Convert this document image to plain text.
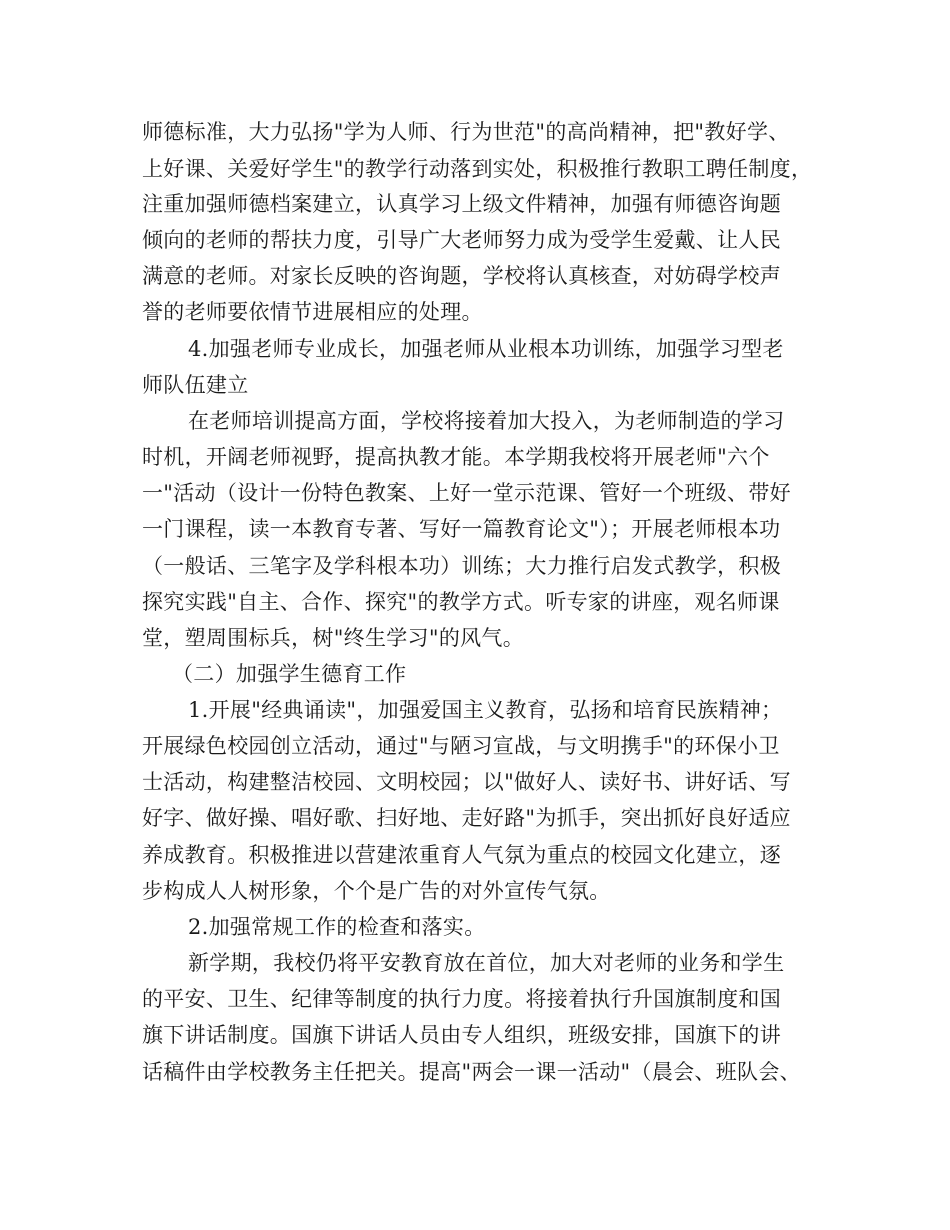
师德标准，大力弘扬"学为人师、行为世范"的高尚精神，把"教好学、
上好课、关爱好学生"的教学行动落到实处，积极推行教职工聘任制度，
注重加强师德档案建立，认真学习上级文件精神，加强有师德咨询题
倾向的老师的帮扶力度，引导广大老师努力成为受学生爱戴、让人民
满意的老师。对家长反映的咨询题，学校将认真核查，对妨碍学校声
誉的老师要依情节进展相应的处理。
4.加强老师专业成长，加强老师从业根本功训练，加强学习型老
师队伍建立
在老师培训提高方面，学校将接着加大投入，为老师制造的学习
时机，开阔老师视野，提高执教才能。本学期我校将开展老师"六个
一"活动（设计一份特色教案、上好一堂示范课、管好一个班级、带好
一门课程，读一本教育专著、写好一篇教育论文"）；开展老师根本功
（一般话、三笔字及学科根本功）训练；大力推行启发式教学，积极
探究实践"自主、合作、探究"的教学方式。听专家的讲座，观名师课
堂，塑周围标兵，树"终生学习"的风气。
（二）加强学生德育工作
1.开展"经典诵读"，加强爱国主义教育，弘扬和培育民族精神；
开展绿色校园创立活动，通过"与陋习宣战，与文明携手"的环保小卫
士活动，构建整洁校园、文明校园；以"做好人、读好书、讲好话、写
好字、做好操、唱好歌、扫好地、走好路"为抓手，突出抓好良好适应
养成教育。积极推进以营建浓重育人气氛为重点的校园文化建立，逐
步构成人人树形象，个个是广告的对外宣传气氛。
2.加强常规工作的检查和落实。
新学期，我校仍将平安教育放在首位，加大对老师的业务和学生
的平安、卫生、纪律等制度的执行力度。将接着执行升国旗制度和国
旗下讲话制度。国旗下讲话人员由专人组织，班级安排，国旗下的讲
话稿件由学校教务主任把关。提高"两会一课一活动"（晨会、班队会、
